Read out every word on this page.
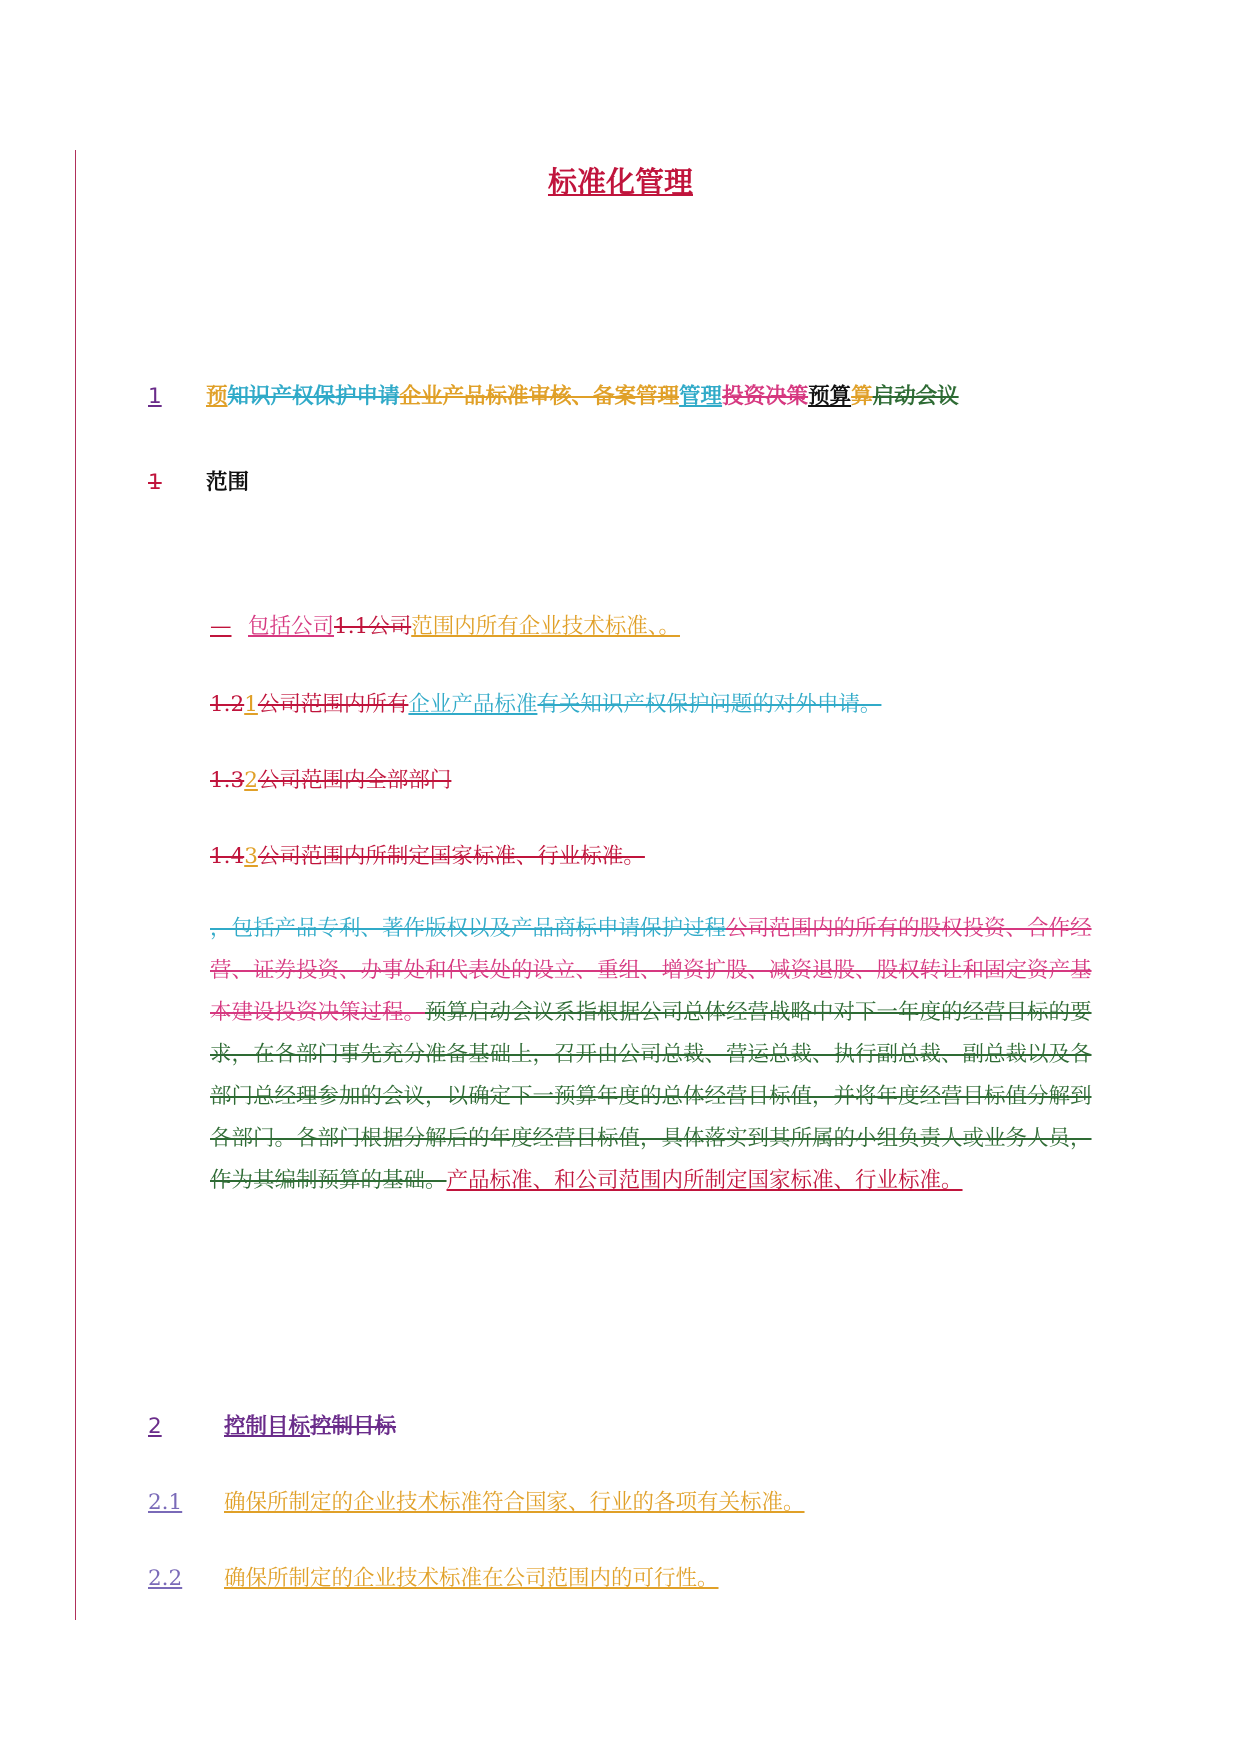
标准化管理
1 预知识产权保护申请企业产品标准审核、备案管理管理投资决策预算算启动会议
1 范围
— 包括公司1.1公司范围内所有企业技术标准、。
1.21公司范围内所有企业产品标准有关知识产权保护问题的对外申请。
1.32公司范围内全部部门
1.43公司范围内所制定国家标准、行业标准。
，包括产品专利、著作版权以及产品商标申请保护过程公司范围内的所有的股权投资、合作经营、证券投资、办事处和代表处的设立、重组、增资扩股、减资退股、股权转让和固定资产基本建设投资决策过程。预算启动会议系指根据公司总体经营战略中对下一年度的经营目标的要求，在各部门事先充分准备基础上，召开由公司总裁、营运总裁、执行副总裁、副总裁以及各部门总经理参加的会议，以确定下一预算年度的总体经营目标值，并将年度经营目标值分解到各部门。各部门根据分解后的年度经营目标值，具体落实到其所属的小组负责人或业务人员，作为其编制预算的基础。产品标准、和公司范围内所制定国家标准、行业标准。
2	控制目标控制目标
2.1 确保所制定的企业技术标准符合国家、行业的各项有关标准。
2.2 确保所制定的企业技术标准在公司范围内的可行性。
